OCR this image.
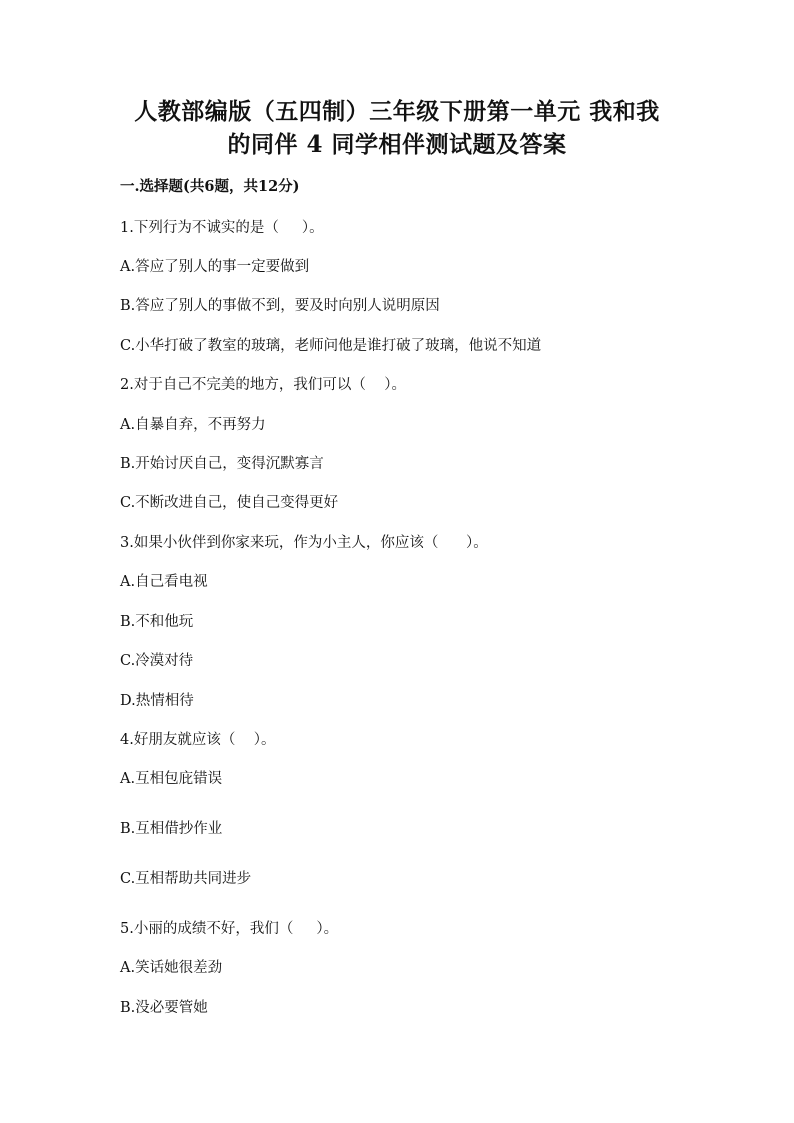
人教部编版（五四制）三年级下册第一单元 我和我
的同伴 4 同学相伴测试题及答案
一.选择题(共6题，共12分)
1.下列行为不诚实的是（     ）。
A.答应了别人的事一定要做到
B.答应了别人的事做不到，要及时向别人说明原因
C.小华打破了教室的玻璃，老师问他是谁打破了玻璃，他说不知道
2.对于自己不完美的地方，我们可以（    ）。
A.自暴自弃，不再努力
B.开始讨厌自己，变得沉默寡言
C.不断改进自己，使自己变得更好
3.如果小伙伴到你家来玩，作为小主人，你应该（      ）。
A.自己看电视
B.不和他玩
C.冷漠对待
D.热情相待
4.好朋友就应该（    ）。
A.互相包庇错误
B.互相借抄作业
C.互相帮助共同进步
5.小丽的成绩不好，我们（     ）。
A.笑话她很差劲
B.没必要管她
